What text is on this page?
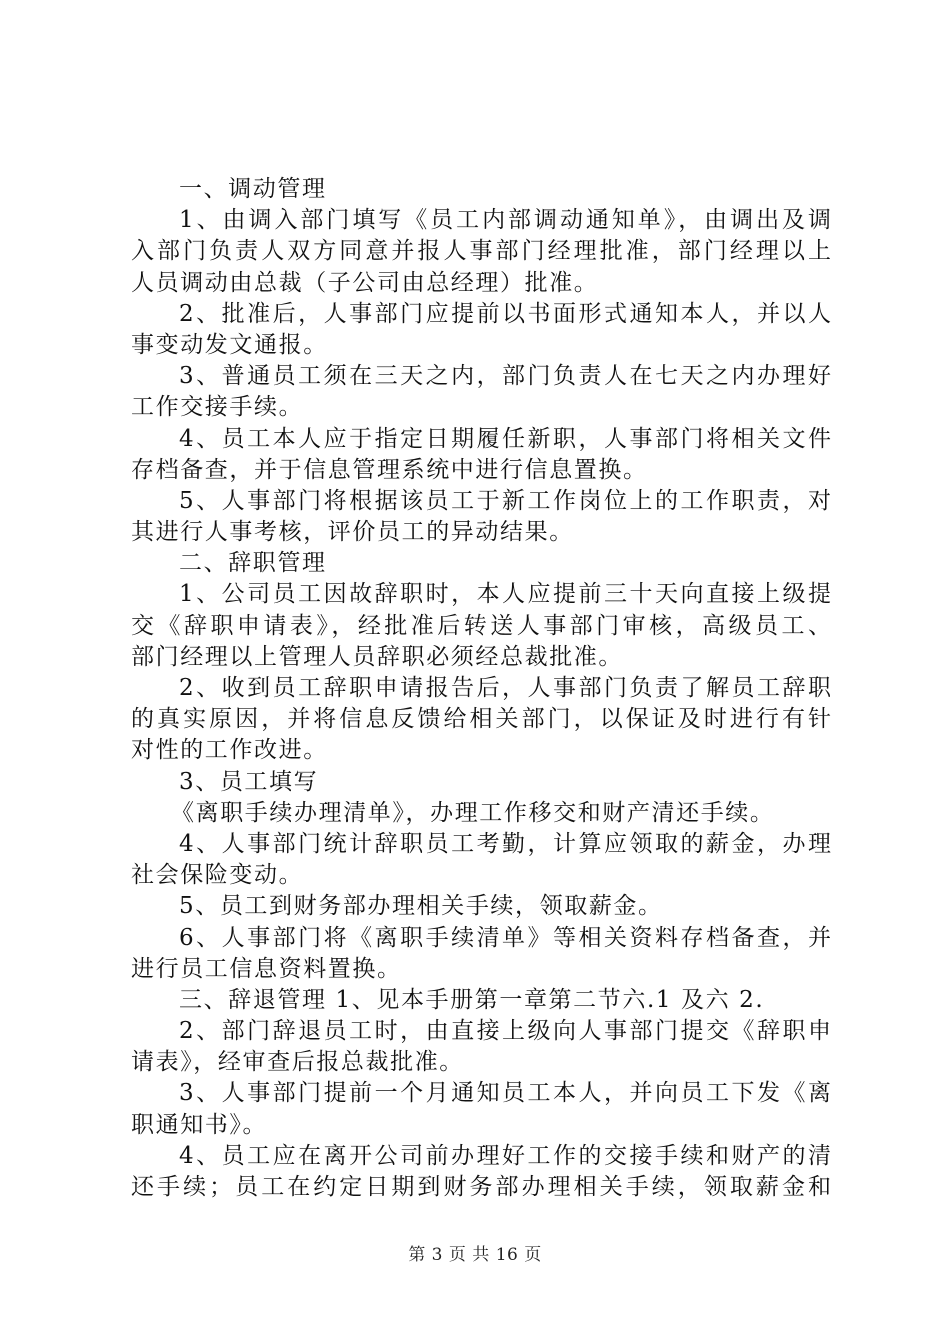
一、调动管理
1、由调入部门填写《员工内部调动通知单》，由调出及调
入部门负责人双方同意并报人事部门经理批准，部门经理以上
人员调动由总裁（子公司由总经理）批准。
2、批准后，人事部门应提前以书面形式通知本人，并以人
事变动发文通报。
3、普通员工须在三天之内，部门负责人在七天之内办理好
工作交接手续。
4、员工本人应于指定日期履任新职，人事部门将相关文件
存档备查，并于信息管理系统中进行信息置换。
5、人事部门将根据该员工于新工作岗位上的工作职责，对
其进行人事考核，评价员工的异动结果。
二、辞职管理
1、公司员工因故辞职时，本人应提前三十天向直接上级提
交《辞职申请表》，经批准后转送人事部门审核，高级员工、
部门经理以上管理人员辞职必须经总裁批准。
2、收到员工辞职申请报告后，人事部门负责了解员工辞职
的真实原因，并将信息反馈给相关部门，以保证及时进行有针
对性的工作改进。
3、员工填写
《离职手续办理清单》，办理工作移交和财产清还手续。
4、人事部门统计辞职员工考勤，计算应领取的薪金，办理
社会保险变动。
5、员工到财务部办理相关手续，领取薪金。
6、人事部门将《离职手续清单》等相关资料存档备查，并
进行员工信息资料置换。
三、辞退管理 1、见本手册第一章第二节六.1 及六 2.
2、部门辞退员工时，由直接上级向人事部门提交《辞职申
请表》，经审查后报总裁批准。
3、人事部门提前一个月通知员工本人，并向员工下发《离
职通知书》。
4、员工应在离开公司前办理好工作的交接手续和财产的清
还手续；员工在约定日期到财务部办理相关手续，领取薪金和
第 3 页 共 16 页
